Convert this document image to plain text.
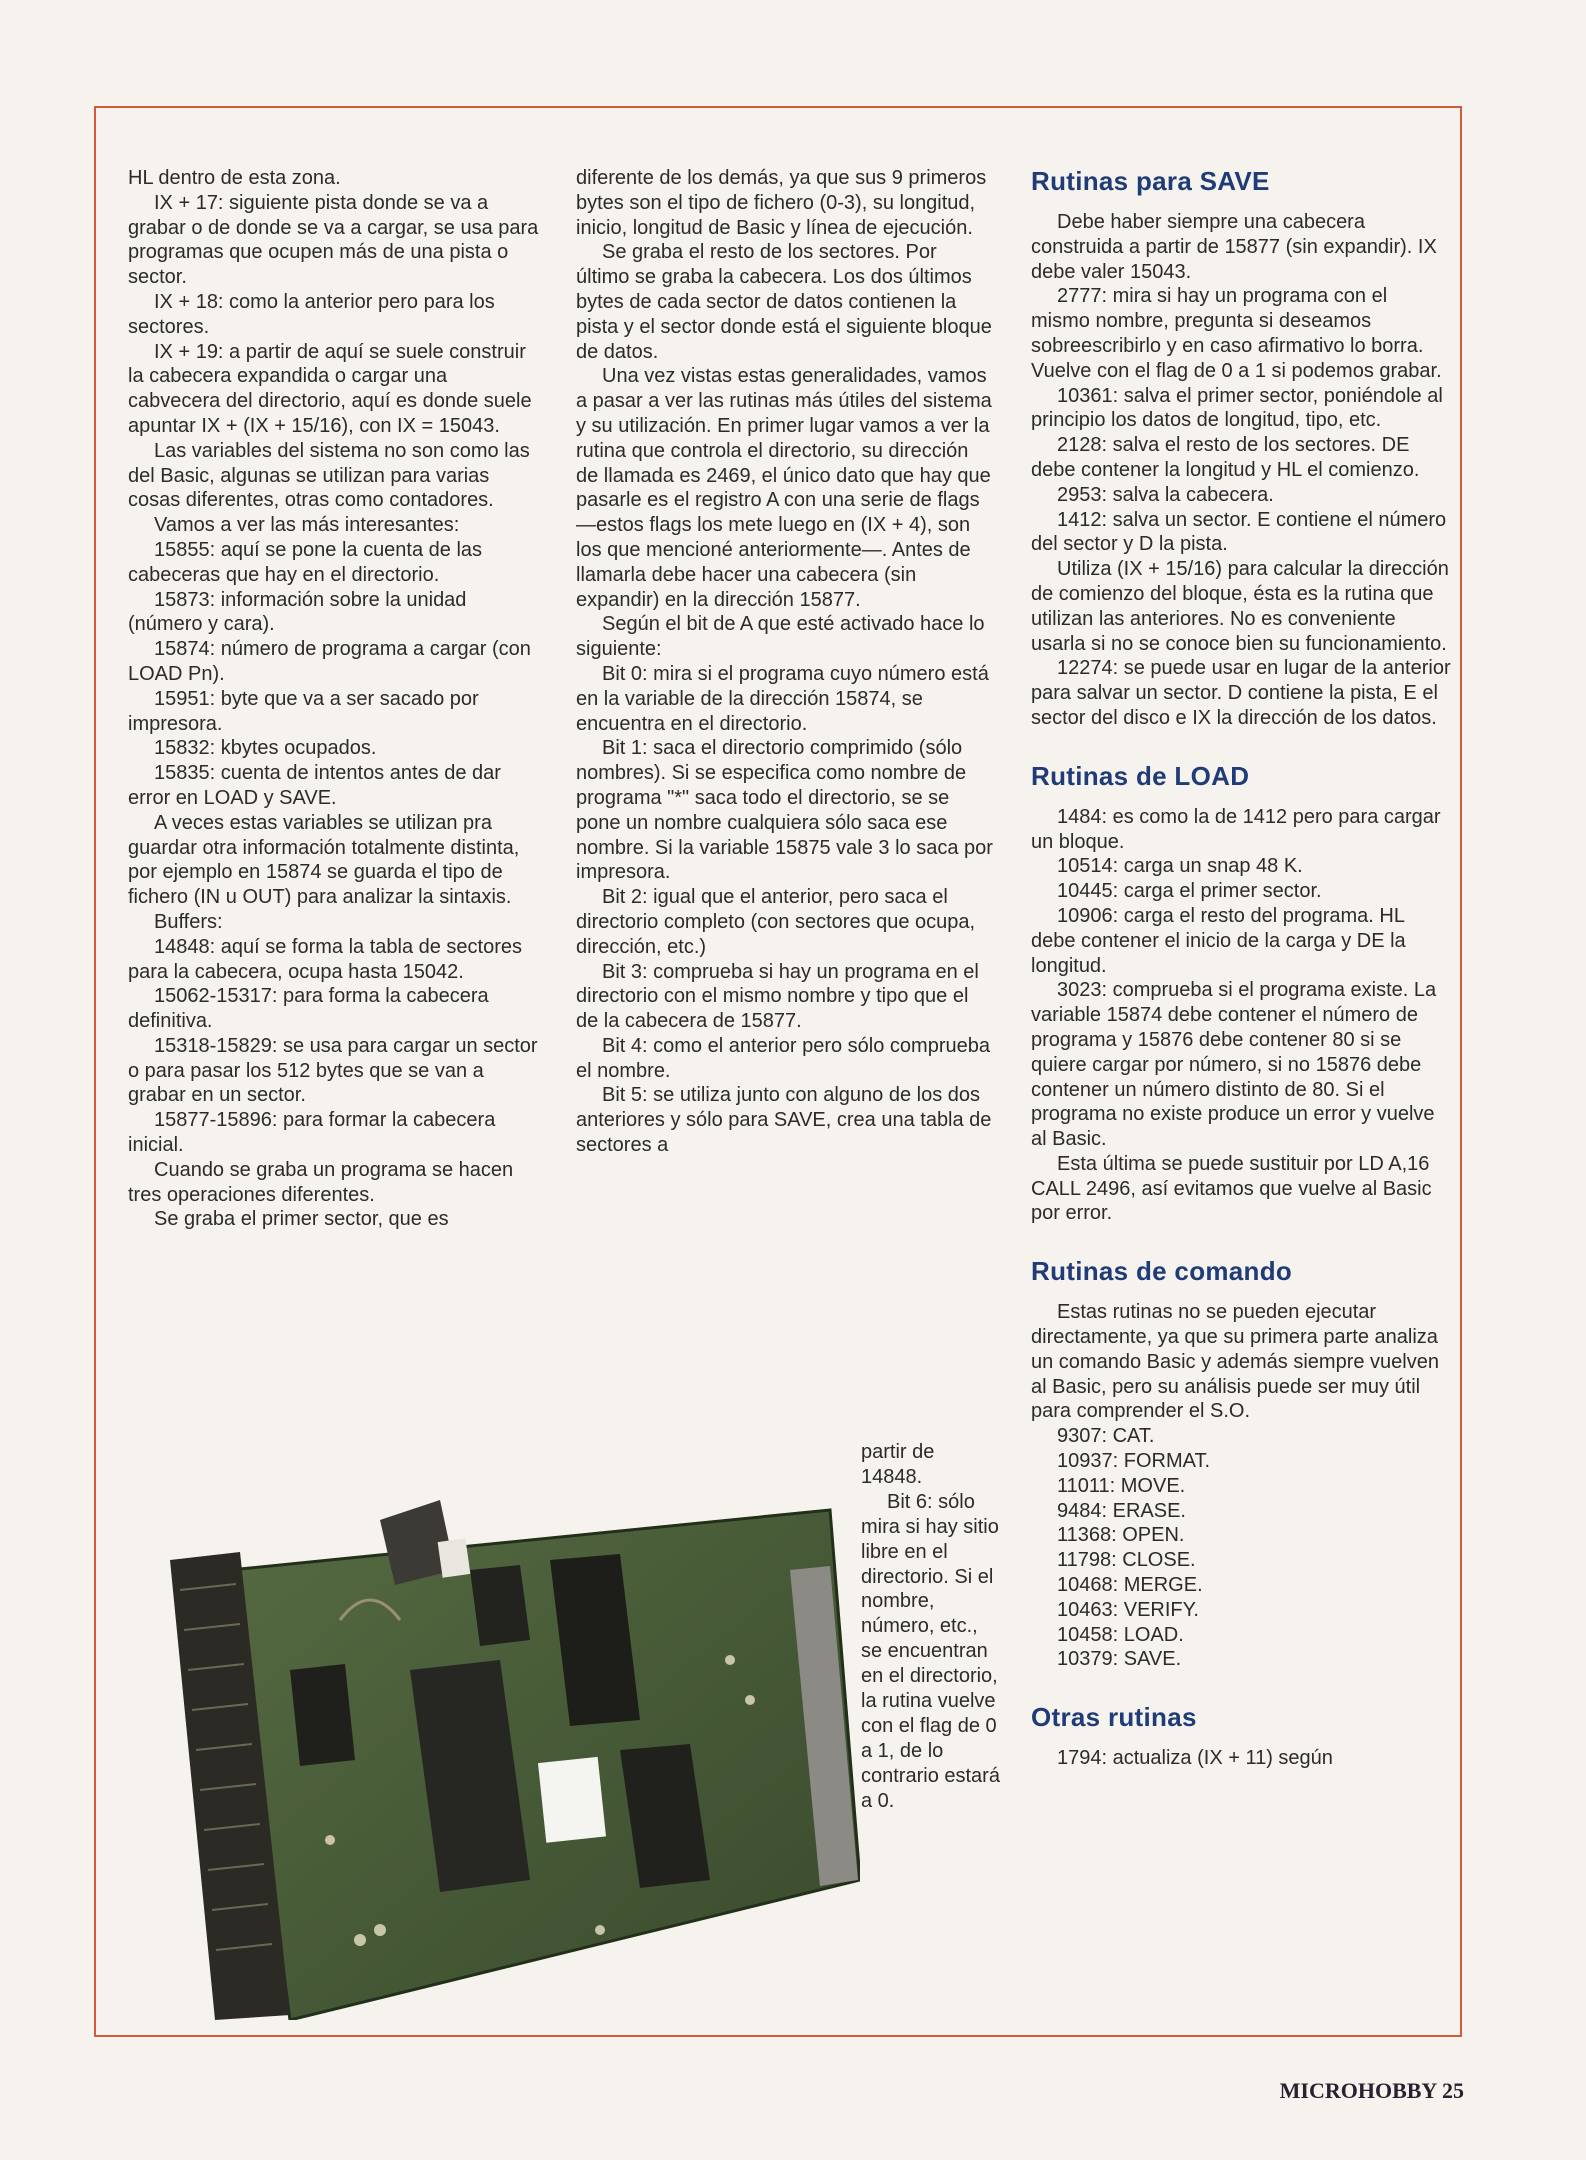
HL dentro de esta zona.

IX + 17: siguiente pista donde se va a grabar o de donde se va a cargar, se usa para programas que ocupen más de una pista o sector.

IX + 18: como la anterior pero para los sectores.

IX + 19: a partir de aquí se suele construir la cabecera expandida o cargar una cabvecera del directorio, aquí es donde suele apuntar IX + (IX + 15/16), con IX = 15043.

Las variables del sistema no son como las del Basic, algunas se utilizan para varias cosas diferentes, otras como contadores.

Vamos a ver las más interesantes:

15855: aquí se pone la cuenta de las cabeceras que hay en el directorio.

15873: información sobre la unidad (número y cara).

15874: número de programa a cargar (con LOAD Pn).

15951: byte que va a ser sacado por impresora.

15832: kbytes ocupados.

15835: cuenta de intentos antes de dar error en LOAD y SAVE.

A veces estas variables se utilizan pra guardar otra información totalmente distinta, por ejemplo en 15874 se guarda el tipo de fichero (IN u OUT) para analizar la sintaxis.

Buffers:

14848: aquí se forma la tabla de sectores para la cabecera, ocupa hasta 15042.

15062-15317: para forma la cabecera definitiva.

15318-15829: se usa para cargar un sector o para pasar los 512 bytes que se van a grabar en un sector.

15877-15896: para formar la cabecera inicial.

Cuando se graba un programa se hacen tres operaciones diferentes.

Se graba el primer sector, que es

diferente de los demás, ya que sus 9 primeros bytes son el tipo de fichero (0-3), su longitud, inicio, longitud de Basic y línea de ejecución.

Se graba el resto de los sectores. Por último se graba la cabecera. Los dos últimos bytes de cada sector de datos contienen la pista y el sector donde está el siguiente bloque de datos.

Una vez vistas estas generalidades, vamos a pasar a ver las rutinas más útiles del sistema y su utilización. En primer lugar vamos a ver la rutina que controla el directorio, su dirección de llamada es 2469, el único dato que hay que pasarle es el registro A con una serie de flags —estos flags los mete luego en (IX + 4), son los que mencioné anteriormente—. Antes de llamarla debe hacer una cabecera (sin expandir) en la dirección 15877.

Según el bit de A que esté activado hace lo siguiente:

Bit 0: mira si el programa cuyo número está en la variable de la dirección 15874, se encuentra en el directorio.

Bit 1: saca el directorio comprimido (sólo nombres). Si se especifica como nombre de programa "*" saca todo el directorio, se se pone un nombre cualquiera sólo saca ese nombre. Si la variable 15875 vale 3 lo saca por impresora.

Bit 2: igual que el anterior, pero saca el directorio completo (con sectores que ocupa, dirección, etc.)

Bit 3: comprueba si hay un programa en el directorio con el mismo nombre y tipo que el de la cabecera de 15877.

Bit 4: como el anterior pero sólo comprueba el nombre.

Bit 5: se utiliza junto con alguno de los dos anteriores y sólo para SAVE, crea una tabla de sectores a

partir de 14848.

Bit 6: sólo mira si hay sitio libre en el directorio. Si el nombre, número, etc., se encuentran en el directorio, la rutina vuelve con el flag de 0 a 1, de lo contrario estará a 0.

Rutinas para SAVE

Debe haber siempre una cabecera construida a partir de 15877 (sin expandir). IX debe valer 15043.

2777: mira si hay un programa con el mismo nombre, pregunta si deseamos sobreescribirlo y en caso afirmativo lo borra. Vuelve con el flag de 0 a 1 si podemos grabar.

10361: salva el primer sector, poniéndole al principio los datos de longitud, tipo, etc.

2128: salva el resto de los sectores. DE debe contener la longitud y HL el comienzo.

2953: salva la cabecera.

1412: salva un sector. E contiene el número del sector y D la pista.

Utiliza (IX + 15/16) para calcular la dirección de comienzo del bloque, ésta es la rutina que utilizan las anteriores. No es conveniente usarla si no se conoce bien su funcionamiento.

12274: se puede usar en lugar de la anterior para salvar un sector. D contiene la pista, E el sector del disco e IX la dirección de los datos.

Rutinas de LOAD

1484: es como la de 1412 pero para cargar un bloque.

10514: carga un snap 48 K.

10445: carga el primer sector.

10906: carga el resto del programa. HL debe contener el inicio de la carga y DE la longitud.

3023: comprueba si el programa existe. La variable 15874 debe contener el número de programa y 15876 debe contener 80 si se quiere cargar por número, si no 15876 debe contener un número distinto de 80. Si el programa no existe produce un error y vuelve al Basic.

Esta última se puede sustituir por LD A,16 CALL 2496, así evitamos que vuelve al Basic por error.

Rutinas de comando

Estas rutinas no se pueden ejecutar directamente, ya que su primera parte analiza un comando Basic y además siempre vuelven al Basic, pero su análisis puede ser muy útil para comprender el S.O.

9307: CAT.

10937: FORMAT.

11011: MOVE.

9484: ERASE.

11368: OPEN.

11798: CLOSE.

10468: MERGE.

10463: VERIFY.

10458: LOAD.

10379: SAVE.

Otras rutinas

1794: actualiza (IX + 11) según

MICROHOBBY 25
